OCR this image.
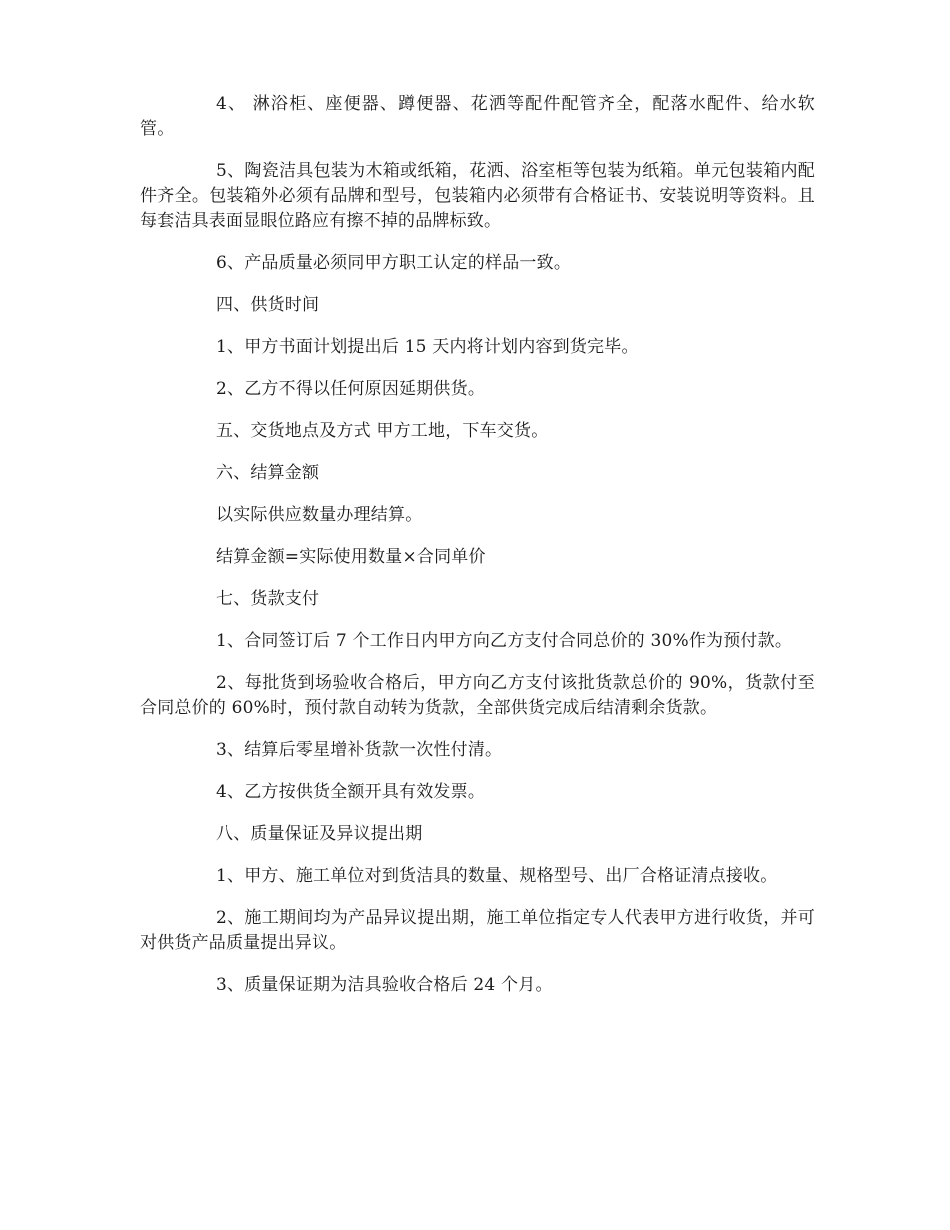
4、 淋浴柜、座便器、蹲便器、花洒等配件配管齐全，配落水配件、给水软管。

5、陶瓷洁具包装为木箱或纸箱，花洒、浴室柜等包装为纸箱。单元包装箱内配件齐全。包装箱外必须有品牌和型号，包装箱内必须带有合格证书、安装说明等资料。且每套洁具表面显眼位路应有擦不掉的品牌标致。

6、产品质量必须同甲方职工认定的样品一致。

四、供货时间

1、甲方书面计划提出后 15 天内将计划内容到货完毕。

2、乙方不得以任何原因延期供货。

五、交货地点及方式 甲方工地，下车交货。

六、结算金额

以实际供应数量办理结算。

结算金额=实际使用数量×合同单价

七、货款支付

1、合同签订后 7 个工作日内甲方向乙方支付合同总价的 30%作为预付款。

2、每批货到场验收合格后，甲方向乙方支付该批货款总价的 90%，货款付至合同总价的 60%时，预付款自动转为货款，全部供货完成后结清剩余货款。

3、结算后零星增补货款一次性付清。

4、乙方按供货全额开具有效发票。

八、质量保证及异议提出期

1、甲方、施工单位对到货洁具的数量、规格型号、出厂合格证清点接收。

2、施工期间均为产品异议提出期，施工单位指定专人代表甲方进行收货，并可对供货产品质量提出异议。

3、质量保证期为洁具验收合格后 24 个月。
